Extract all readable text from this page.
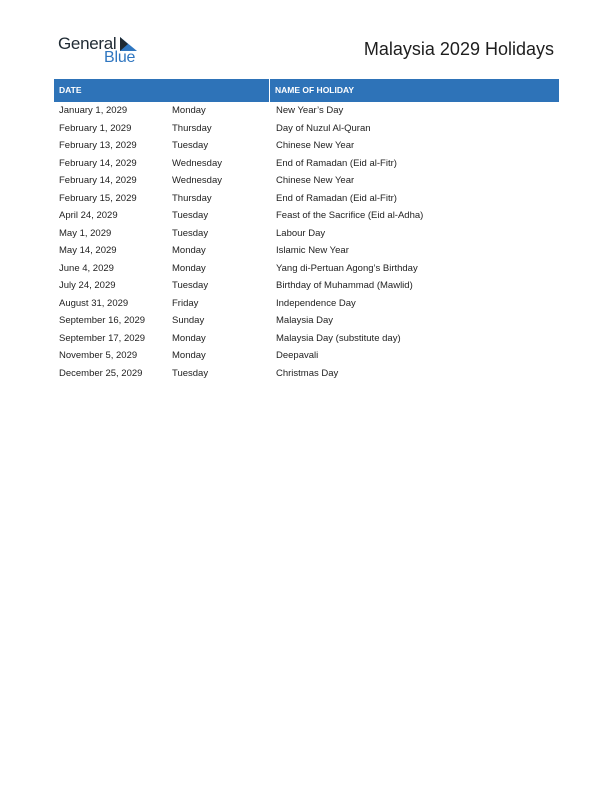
General
Blue	Malaysia 2029 Holidays
DATE	NAME OF HOLIDAY
January 1, 2029	Monday	New Year’s Day
February 1, 2029	Thursday	Day of Nuzul Al-Quran
February 13, 2029	Tuesday	Chinese New Year
February 14, 2029	Wednesday	End of Ramadan (Eid al-Fitr)
February 14, 2029	Wednesday	Chinese New Year
February 15, 2029	Thursday	End of Ramadan (Eid al-Fitr)
April 24, 2029	Tuesday	Feast of the Sacrifice (Eid al-Adha)
May 1, 2029	Tuesday	Labour Day
May 14, 2029	Monday	Islamic New Year
June 4, 2029	Monday	Yang di-Pertuan Agong’s Birthday
July 24, 2029	Tuesday	Birthday of Muhammad (Mawlid)
August 31, 2029	Friday	Independence Day
September 16, 2029	Sunday	Malaysia Day
September 17, 2029	Monday	Malaysia Day (substitute day)
November 5, 2029	Monday	Deepavali
December 25, 2029	Tuesday	Christmas Day
